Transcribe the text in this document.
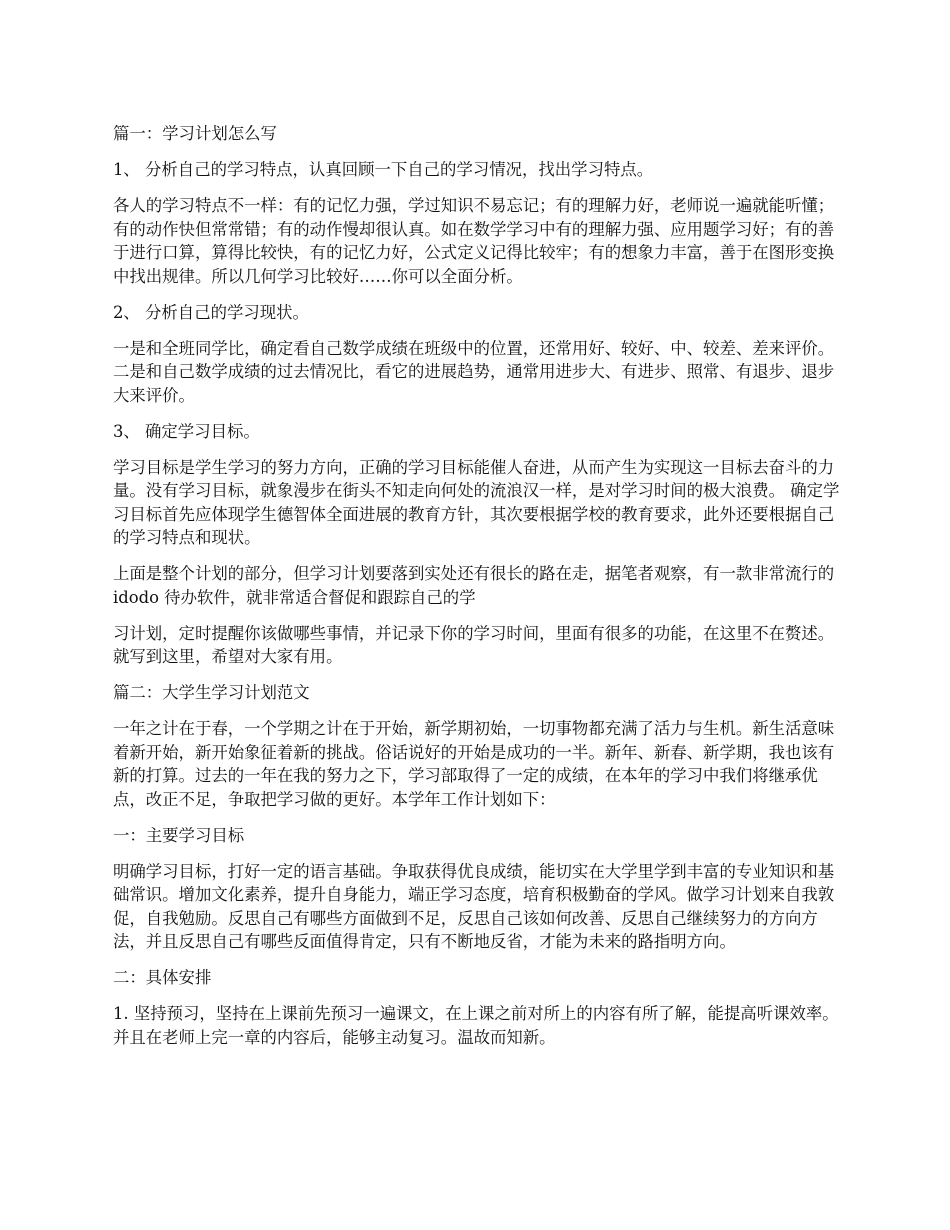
篇一：学习计划怎么写

1、 分析自己的学习特点，认真回顾一下自己的学习情况，找出学习特点。

各人的学习特点不一样：有的记忆力强，学过知识不易忘记；有的理解力好，老师说一遍就能听懂；有的动作快但常常错；有的动作慢却很认真。如在数学学习中有的理解力强、应用题学习好；有的善于进行口算，算得比较快，有的记忆力好，公式定义记得比较牢；有的想象力丰富，善于在图形变换中找出规律。所以几何学习比较好……你可以全面分析。

2、 分析自己的学习现状。

一是和全班同学比，确定看自己数学成绩在班级中的位置，还常用好、较好、中、较差、差来评价。二是和自己数学成绩的过去情况比，看它的进展趋势，通常用进步大、有进步、照常、有退步、退步大来评价。

3、 确定学习目标。

学习目标是学生学习的努力方向，正确的学习目标能催人奋进，从而产生为实现这一目标去奋斗的力量。没有学习目标，就象漫步在街头不知走向何处的流浪汉一样，是对学习时间的极大浪费。 确定学习目标首先应体现学生德智体全面进展的教育方针，其次要根据学校的教育要求，此外还要根据自己的学习特点和现状。

上面是整个计划的部分，但学习计划要落到实处还有很长的路在走，据笔者观察，有一款非常流行的 idodo 待办软件，就非常适合督促和跟踪自己的学

习计划，定时提醒你该做哪些事情，并记录下你的学习时间，里面有很多的功能，在这里不在赘述。就写到这里，希望对大家有用。

篇二：大学生学习计划范文

一年之计在于春，一个学期之计在于开始，新学期初始，一切事物都充满了活力与生机。新生活意味着新开始，新开始象征着新的挑战。俗话说好的开始是成功的一半。新年、新春、新学期，我也该有新的打算。过去的一年在我的努力之下，学习部取得了一定的成绩，在本年的学习中我们将继承优点，改正不足，争取把学习做的更好。本学年工作计划如下：

一：主要学习目标

明确学习目标，打好一定的语言基础。争取获得优良成绩，能切实在大学里学到丰富的专业知识和基础常识。增加文化素养，提升自身能力，端正学习态度，培育积极勤奋的学风。做学习计划来自我敦促，自我勉励。反思自己有哪些方面做到不足，反思自己该如何改善、反思自己继续努力的方向方法，并且反思自己有哪些反面值得肯定，只有不断地反省，才能为未来的路指明方向。

二：具体安排

1. 坚持预习，坚持在上课前先预习一遍课文，在上课之前对所上的内容有所了解，能提高听课效率。并且在老师上完一章的内容后，能够主动复习。温故而知新。
